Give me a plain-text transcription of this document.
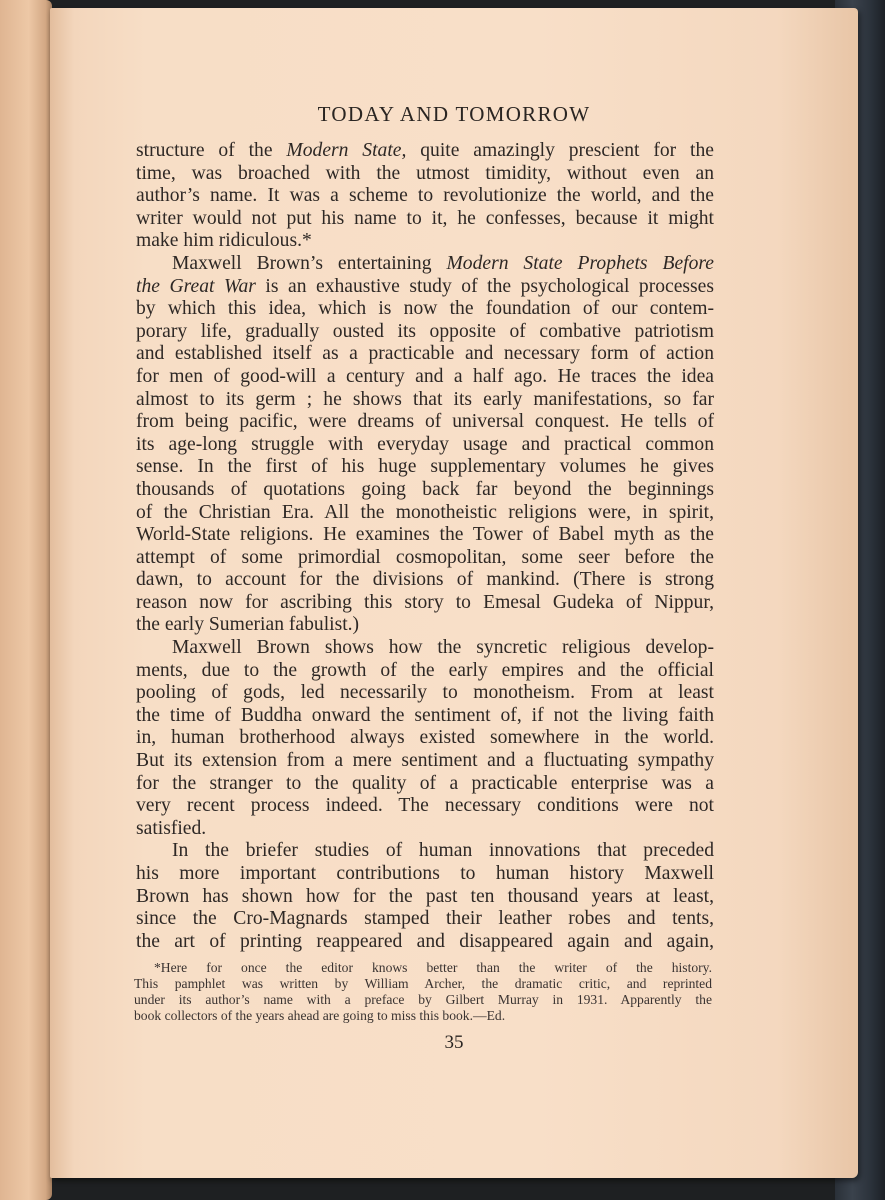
TODAY AND TOMORROW

structure of the Modern State, quite amazingly prescient for the
time, was broached with the utmost timidity, without even an
author’s name. It was a scheme to revolutionize the world, and the
writer would not put his name to it, he confesses, because it might
make him ridiculous.*

Maxwell Brown’s entertaining Modern State Prophets Before
the Great War is an exhaustive study of the psychological processes
by which this idea, which is now the foundation of our contem-
porary life, gradually ousted its opposite of combative patriotism
and established itself as a practicable and necessary form of action
for men of good-will a century and a half ago. He traces the idea
almost to its germ ; he shows that its early manifestations, so far
from being pacific, were dreams of universal conquest. He tells of
its age-long struggle with everyday usage and practical common
sense. In the first of his huge supplementary volumes he gives
thousands of quotations going back far beyond the beginnings
of the Christian Era. All the monotheistic religions were, in spirit,
World-State religions. He examines the Tower of Babel myth as the
attempt of some primordial cosmopolitan, some seer before the
dawn, to account for the divisions of mankind. (There is strong
reason now for ascribing this story to Emesal Gudeka of Nippur,
the early Sumerian fabulist.)

Maxwell Brown shows how the syncretic religious develop-
ments, due to the growth of the early empires and the official
pooling of gods, led necessarily to monotheism. From at least
the time of Buddha onward the sentiment of, if not the living faith
in, human brotherhood always existed somewhere in the world.
But its extension from a mere sentiment and a fluctuating sympathy
for the stranger to the quality of a practicable enterprise was a
very recent process indeed. The necessary conditions were not
satisfied.

In the briefer studies of human innovations that preceded
his more important contributions to human history Maxwell
Brown has shown how for the past ten thousand years at least,
since the Cro-Magnards stamped their leather robes and tents,
the art of printing reappeared and disappeared again and again,

*Here for once the editor knows better than the writer of the history.
This pamphlet was written by William Archer, the dramatic critic, and reprinted
under its author’s name with a preface by Gilbert Murray in 1931. Apparently the
book collectors of the years ahead are going to miss this book.—Ed.
35
